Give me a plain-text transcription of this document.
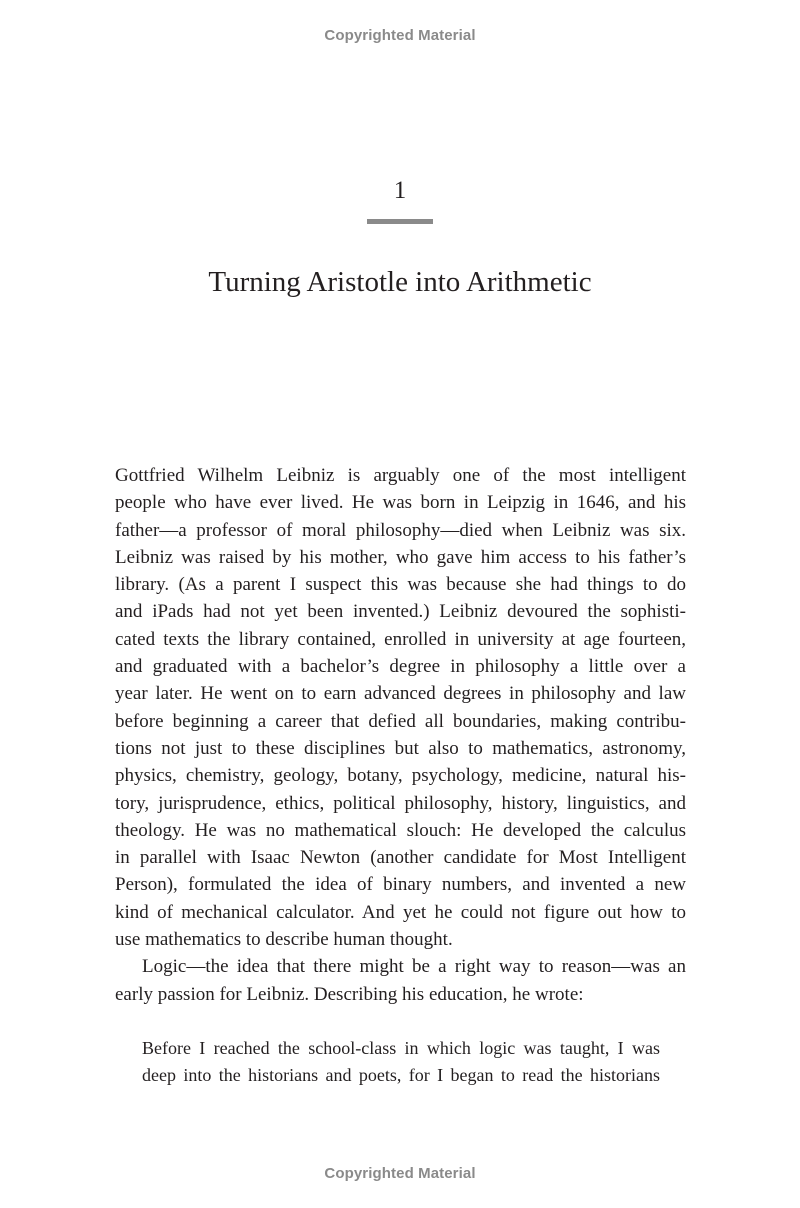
Copyrighted Material
1
Turning Aristotle into Arithmetic
Gottfried Wilhelm Leibniz is arguably one of the most intelligent
people who have ever lived. He was born in Leipzig in 1646, and his
father—a professor of moral philosophy—died when Leibniz was six.
Leibniz was raised by his mother, who gave him access to his father’s
library. (As a parent I suspect this was because she had things to do
and iPads had not yet been invented.) Leibniz devoured the sophisti-
cated texts the library contained, enrolled in university at age fourteen,
and graduated with a bachelor’s degree in philosophy a little over a
year later. He went on to earn advanced degrees in philosophy and law
before beginning a career that defied all boundaries, making contribu-
tions not just to these disciplines but also to mathematics, astronomy,
physics, chemistry, geology, botany, psychology, medicine, natural his-
tory, jurisprudence, ethics, political philosophy, history, linguistics, and
theology. He was no mathematical slouch: He developed the calculus
in parallel with Isaac Newton (another candidate for Most Intelligent
Person), formulated the idea of binary numbers, and invented a new
kind of mechanical calculator. And yet he could not figure out how to
use mathematics to describe human thought.
Logic—the idea that there might be a right way to reason—was an
early passion for Leibniz. Describing his education, he wrote:
Before I reached the school-class in which logic was taught, I was
deep into the historians and poets, for I began to read the historians
Copyrighted Material
